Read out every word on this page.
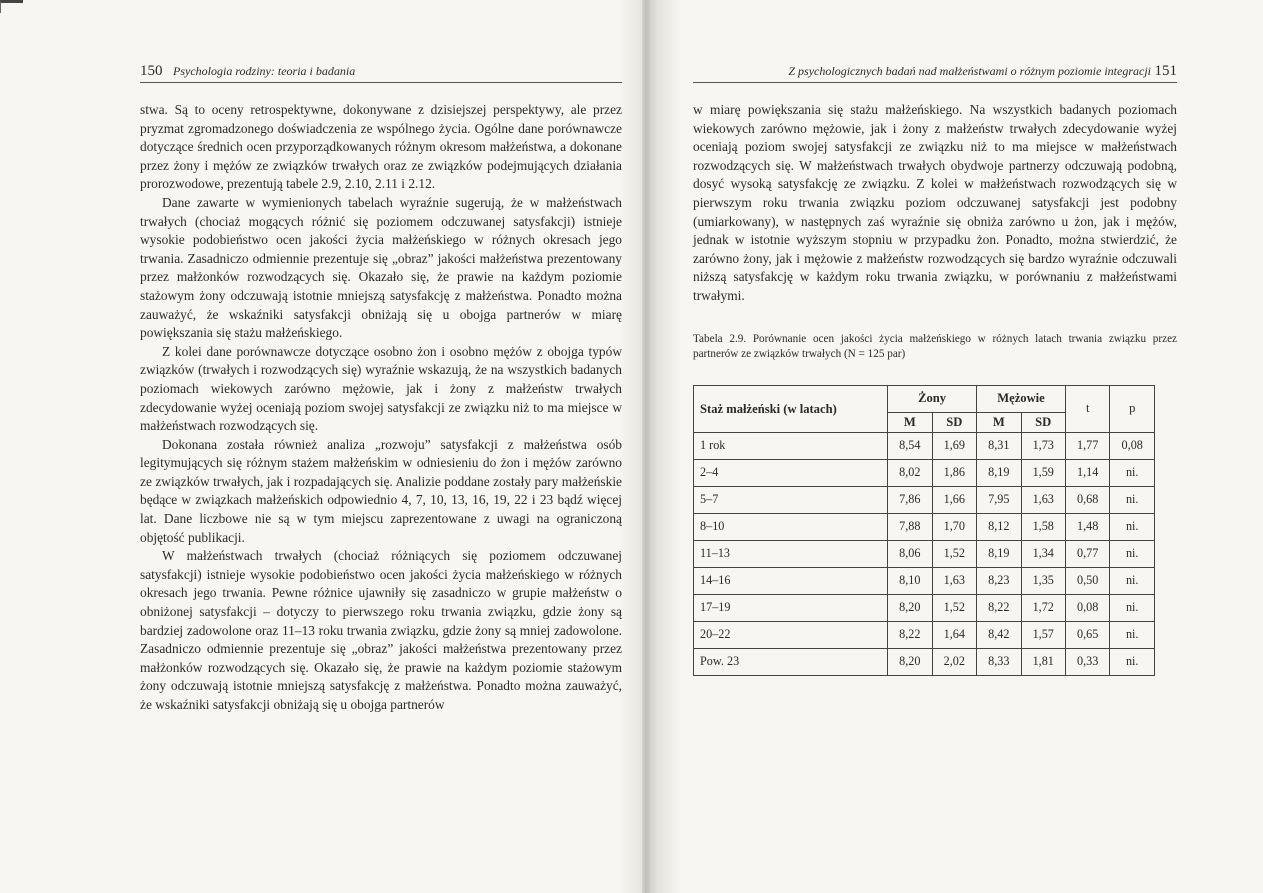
150 Psychologia rodziny: teoria i badania

stwa. Są to oceny retrospektywne, dokonywane z dzisiejszej perspektywy, ale przez pryzmat zgromadzonego doświadczenia ze wspólnego życia. Ogólne dane porównawcze dotyczące średnich ocen przyporządkowanych różnym okresom małżeństwa, a dokonane przez żony i mężów ze związków trwałych oraz ze związków podejmujących działania prorozwodowe, prezentują tabele 2.9, 2.10, 2.11 i 2.12.

Dane zawarte w wymienionych tabelach wyraźnie sugerują, że w małżeństwach trwałych (chociaż mogących różnić się poziomem odczuwanej satysfakcji) istnieje wysokie podobieństwo ocen jakości życia małżeńskiego w różnych okresach jego trwania. Zasadniczo odmiennie prezentuje się „obraz” jakości małżeństwa prezentowany przez małżonków rozwodzących się. Okazało się, że prawie na każdym poziomie stażowym żony odczuwają istotnie mniejszą satysfakcję z małżeństwa. Ponadto można zauważyć, że wskaźniki satysfakcji obniżają się u obojga partnerów w miarę powiększania się stażu małżeńskiego.

Z kolei dane porównawcze dotyczące osobno żon i osobno mężów z obojga typów związków (trwałych i rozwodzących się) wyraźnie wskazują, że na wszystkich badanych poziomach wiekowych zarówno mężowie, jak i żony z małżeństw trwałych zdecydowanie wyżej oceniają poziom swojej satysfakcji ze związku niż to ma miejsce w małżeństwach rozwodzących się.

Dokonana została również analiza „rozwoju” satysfakcji z małżeństwa osób legitymujących się różnym stażem małżeńskim w odniesieniu do żon i mężów zarówno ze związków trwałych, jak i rozpadających się. Analizie poddane zostały pary małżeńskie będące w związkach małżeńskich odpowiednio 4, 7, 10, 13, 16, 19, 22 i 23 bądź więcej lat. Dane liczbowe nie są w tym miejscu zaprezentowane z uwagi na ograniczoną objętość publikacji.

W małżeństwach trwałych (chociaż różniących się poziomem odczuwanej satysfakcji) istnieje wysokie podobieństwo ocen jakości życia małżeńskiego w różnych okresach jego trwania. Pewne różnice ujawniły się zasadniczo w grupie małżeństw o obniżonej satysfakcji – dotyczy to pierwszego roku trwania związku, gdzie żony są bardziej zadowolone oraz 11–13 roku trwania związku, gdzie żony są mniej zadowolone. Zasadniczo odmiennie prezentuje się „obraz” jakości małżeństwa prezentowany przez małżonków rozwodzących się. Okazało się, że prawie na każdym poziomie stażowym żony odczuwają istotnie mniejszą satysfakcję z małżeństwa. Ponadto można zauważyć, że wskaźniki satysfakcji obniżają się u obojga partnerów

Z psychologicznych badań nad małżeństwami o różnym poziomie integracji 151

w miarę powiększania się stażu małżeńskiego. Na wszystkich badanych poziomach wiekowych zarówno mężowie, jak i żony z małżeństw trwałych zdecydowanie wyżej oceniają poziom swojej satysfakcji ze związku niż to ma miejsce w małżeństwach rozwodzących się. W małżeństwach trwałych obydwoje partnerzy odczuwają podobną, dosyć wysoką satysfakcję ze związku. Z kolei w małżeństwach rozwodzących się w pierwszym roku trwania związku poziom odczuwanej satysfakcji jest podobny (umiarkowany), w następnych zaś wyraźnie się obniża zarówno u żon, jak i mężów, jednak w istotnie wyższym stopniu w przypadku żon. Ponadto, można stwierdzić, że zarówno żony, jak i mężowie z małżeństw rozwodzących się bardzo wyraźnie odczuwali niższą satysfakcję w każdym roku trwania związku, w porównaniu z małżeństwami trwałymi.

Tabela 2.9. Porównanie ocen jakości życia małżeńskiego w różnych latach trwania związku przez partnerów ze związków trwałych (N = 125 par)
Staż małżeński (w latach)	Żony		Mężowie		t	p
	M	SD	M	SD		
1 rok	8,54	1,69	8,31	1,73	1,77	0,08
2–4	8,02	1,86	8,19	1,59	1,14	ni.
5–7	7,86	1,66	7,95	1,63	0,68	ni.
8–10	7,88	1,70	8,12	1,58	1,48	ni.
11–13	8,06	1,52	8,19	1,34	0,77	ni.
14–16	8,10	1,63	8,23	1,35	0,50	ni.
17–19	8,20	1,52	8,22	1,72	0,08	ni.
20–22	8,22	1,64	8,42	1,57	0,65	ni.
Pow. 23	8,20	2,02	8,33	1,81	0,33	ni.
